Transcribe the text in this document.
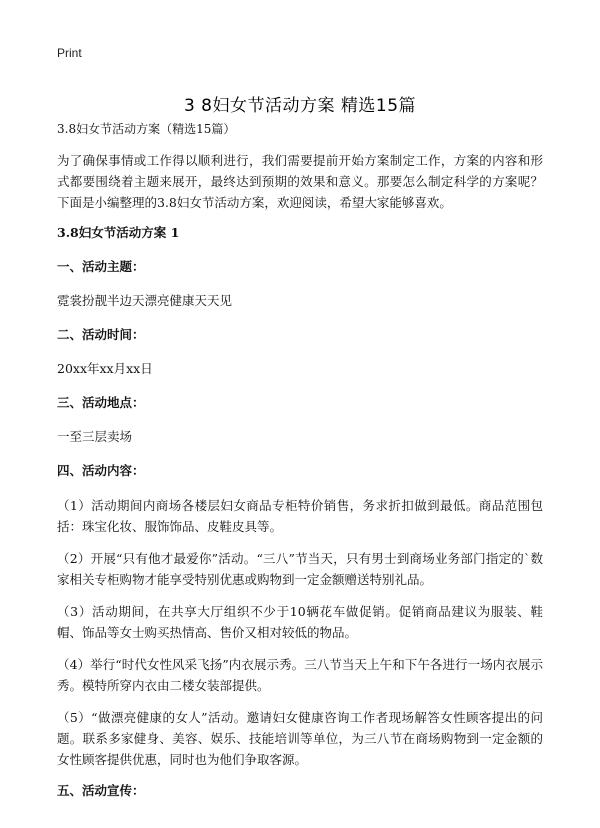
Print
3 8妇女节活动方案 精选15篇

3.8妇女节活动方案（精选15篇）

为了确保事情或工作得以顺利进行，我们需要提前开始方案制定工作，方案的内容和形式都要围绕着主题来展开，最终达到预期的效果和意义。那要怎么制定科学的方案呢？下面是小编整理的3.8妇女节活动方案，欢迎阅读，希望大家能够喜欢。

3.8妇女节活动方案 1

一、活动主题：

霓裳扮靓半边天漂亮健康天天见

二、活动时间：

20xx年xx月xx日

三、活动地点：

一至三层卖场

四、活动内容：

（1）活动期间内商场各楼层妇女商品专柜特价销售，务求折扣做到最低。商品范围包括：珠宝化妆、服饰饰品、皮鞋皮具等。

（2）开展“只有他才最爱你”活动。“三八”节当天，只有男士到商场业务部门指定的`数家相关专柜购物才能享受特别优惠或购物到一定金额赠送特别礼品。

（3）活动期间，在共享大厅组织不少于10辆花车做促销。促销商品建议为服装、鞋帽、饰品等女士购买热情高、售价又相对较低的物品。

（4）举行“时代女性风采飞扬”内衣展示秀。三八节当天上午和下午各进行一场内衣展示秀。模特所穿内衣由二楼女装部提供。

（5）“做漂亮健康的女人”活动。邀请妇女健康咨询工作者现场解答女性顾客提出的问题。联系多家健身、美容、娱乐、技能培训等单位，为三八节在商场购物到一定金额的女性顾客提供优惠，同时也为他们争取客源。

五、活动宣传：
